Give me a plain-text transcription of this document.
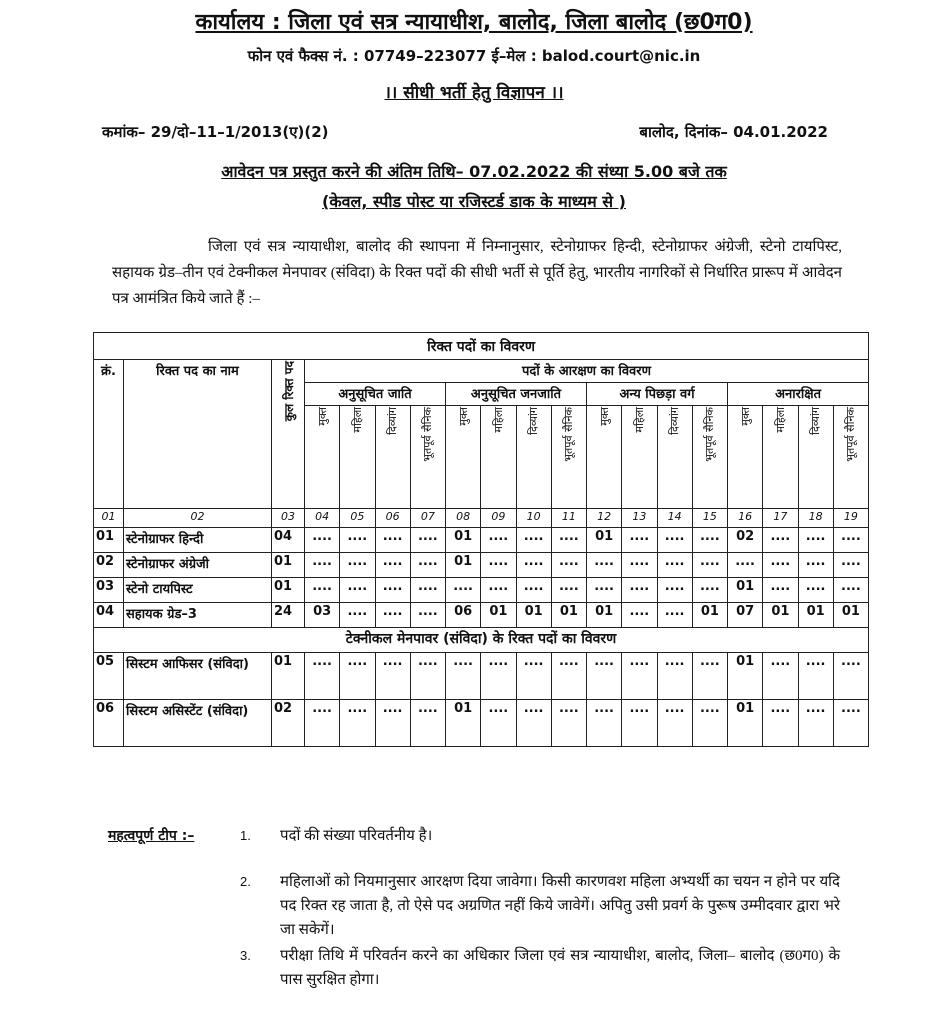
कार्यालय : जिला एवं सत्र न्यायाधीश, बालोद, जिला बालोद (छ0ग0)
फोन एवं फैक्स नं. : 07749–223077 ई–मेल : balod.court@nic.in
।। सीधी भर्ती हेतु विज्ञापन ।।
कमांक– 29/दो–11–1/2013(ए)(2)	बालोद, दिनांक– 04.01.2022
आवेदन पत्र प्रस्तुत करने की अंतिम तिथि– 07.02.2022 की संध्या 5.00 बजे तक
(केवल, स्पीड पोस्ट या रजिस्टर्ड डाक के माध्यम से )
जिला एवं सत्र न्यायाधीश, बालोद की स्थापना में निम्नानुसार, स्टेनोग्राफर हिन्दी, स्टेनोग्राफर अंग्रेजी, स्टेनो टायपिस्ट, सहायक ग्रेड–तीन एवं टेक्नीकल मेनपावर (संविदा) के रिक्त पदों की सीधी भर्ती से पूर्ति हेतु, भारतीय नागरिकों से निर्धारित प्रारूप में आवेदन पत्र आमंत्रित किये जाते हैं :–
रिक्त पदों का विवरण																		
क्रं.	रिक्त पद का नाम	कुल रिक्त पद	पदों के आरक्षण का विवरण															
			अनुसूचित जाति				अनुसूचित जनजाति				अन्य पिछड़ा वर्ग				अनारक्षित			
			मुक्त	महिला	दिव्यांग	भूतपूर्व सैनिक	मुक्त	महिला	दिव्यांग	भूतपूर्व सैनिक	मुक्त	महिला	दिव्यांग	भूतपूर्व सैनिक	मुक्त	महिला	दिव्यांग	भूतपूर्व सैनिक
01	02	03	04	05	06	07	08	09	10	11	12	13	14	15	16	17	18	19
01	स्टेनोग्राफर हिन्दी	04	....	....	....	....	01	....	....	....	01	....	....	....	02	....	....	....
02	स्टेनोग्राफर अंग्रेजी	01	....	....	....	....	01	....	....	....	....	....	....	....	....	....	....	....
03	स्टेनो टायपिस्ट	01	....	....	....	....	....	....	....	....	....	....	....	....	01	....	....	....
04	सहायक ग्रेड–3	24	03	....	....	....	06	01	01	01	01	....	....	01	07	01	01	01
टेक्नीकल मेनपावर (संविदा) के रिक्त पदों का विवरण																		
05	सिस्टम आफिसर (संविदा)	01	....	....	....	....	....	....	....	....	....	....	....	....	01	....	....	....
06	सिस्टम असिस्टेंट (संविदा)	02	....	....	....	....	01	....	....	....	....	....	....	....	01	....	....	....
महत्वपूर्ण टीप :–	1. पदों की संख्या परिवर्तनीय है।
2. महिलाओं को नियमानुसार आरक्षण दिया जावेगा। किसी कारणवश महिला अभ्यर्थी का चयन न होने पर यदि पद रिक्त रह जाता है, तो ऐसे पद अग्रणित नहीं किये जावेगें। अपितु उसी प्रवर्ग के पुरूष उम्मीदवार द्वारा भरे जा सकेगें।
3. परीक्षा तिथि में परिवर्तन करने का अधिकार जिला एवं सत्र न्यायाधीश, बालोद, जिला– बालोद (छ0ग0) के पास सुरक्षित होगा।
